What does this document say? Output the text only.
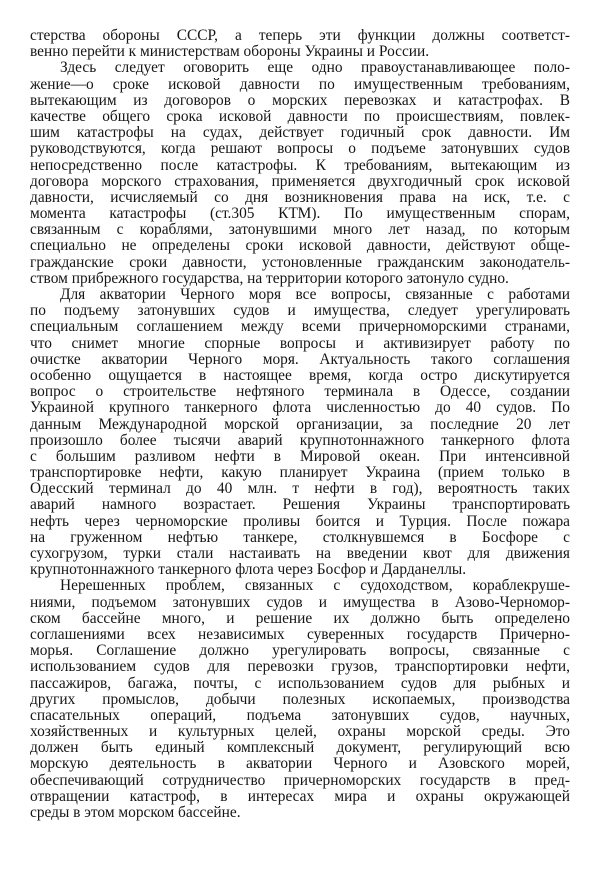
стерства обороны СССР, а теперь эти функции должны соответст-
венно перейти к министерствам обороны Украины и России.
Здесь следует оговорить еще одно правоустанавливающее поло-
жение—о сроке исковой давности по имущественным требованиям,
вытекающим из договоров о морских перевозках и катастрофах. В
качестве общего срока исковой давности по происшествиям, повлек-
шим катастрофы на судах, действует годичный срок давности. Им
руководствуются, когда решают вопросы о подъеме затонувших судов
непосредственно после катастрофы. К требованиям, вытекающим из
договора морского страхования, применяется двухгодичный срок исковой
давности, исчисляемый со дня возникновения права на иск, т.е. с
момента катастрофы (ст.305 КТМ). По имущественным спорам,
связанным с кораблями, затонувшими много лет назад, по которым
специально не определены сроки исковой давности, действуют обще-
гражданские сроки давности, устоновленные гражданским законодатель-
ством прибрежного государства, на территории которого затонуло судно.
Для акватории Черного моря все вопросы, связанные с работами
по подъему затонувших судов и имущества, следует урегулировать
специальным соглашением между всеми причерноморскими странами,
что снимет многие спорные вопросы и активизирует работу по
очистке акватории Черного моря. Актуальность такого соглашения
особенно ощущается в настоящее время, когда остро дискутируется
вопрос о строительстве нефтяного терминала в Одессе, создании
Украиной крупного танкерного флота численностью до 40 судов. По
данным Международной морской организации, за последние 20 лет
произошло более тысячи аварий крупнотоннажного танкерного флота
с большим разливом нефти в Мировой океан. При интенсивной
транспортировке нефти, какую планирует Украина (прием только в
Одесский терминал до 40 млн. т нефти в год), вероятность таких
аварий намного возрастает. Решения Украины транспортировать
нефть через черноморские проливы боится и Турция. После пожара
на груженном нефтью танкере, столкнувшемся в Босфоре с
сухогрузом, турки стали настаивать на введении квот для движения
крупнотоннажного танкерного флота через Босфор и Дарданеллы.
Нерешенных проблем, связанных с судоходством, кораблекруше-
ниями, подъемом затонувших судов и имущества в Азово-Черномор-
ском бассейне много, и решение их должно быть определено
соглашениями всех независимых суверенных государств Причерно-
морья. Соглашение должно урегулировать вопросы, связанные с
использованием судов для перевозки грузов, транспортировки нефти,
пассажиров, багажа, почты, с использованием судов для рыбных и
других промыслов, добычи полезных ископаемых, производства
спасательных операций, подъема затонувших судов, научных,
хозяйственных и культурных целей, охраны морской среды. Это
должен быть единый комплексный документ, регулирующий всю
морскую деятельность в акватории Черного и Азовского морей,
обеспечивающий сотрудничество причерноморских государств в пред-
отвращении катастроф, в интересах мира и охраны окружающей
среды в этом морском бассейне.
